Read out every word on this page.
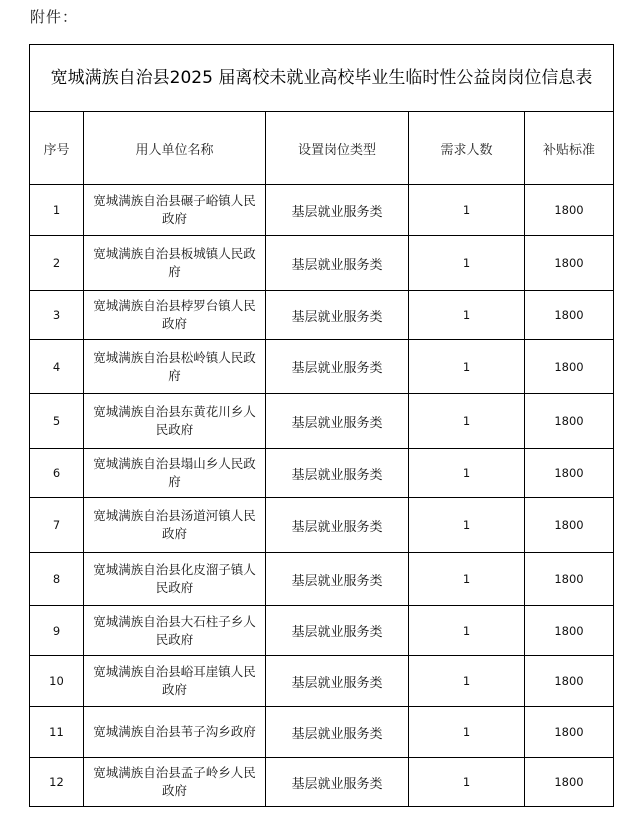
附件：
宽城满族自治县2025 届离校未就业高校毕业生临时性公益岗岗位信息表				
序号	用人单位名称	设置岗位类型	需求人数	补贴标准
1	宽城满族自治县碾子峪镇人民政府	基层就业服务类	1	1800
2	宽城满族自治县板城镇人民政府	基层就业服务类	1	1800
3	宽城满族自治县桲罗台镇人民政府	基层就业服务类	1	1800
4	宽城满族自治县松岭镇人民政府	基层就业服务类	1	1800
5	宽城满族自治县东黄花川乡人民政府	基层就业服务类	1	1800
6	宽城满族自治县塌山乡人民政府	基层就业服务类	1	1800
7	宽城满族自治县汤道河镇人民政府	基层就业服务类	1	1800
8	宽城满族自治县化皮溜子镇人民政府	基层就业服务类	1	1800
9	宽城满族自治县大石柱子乡人民政府	基层就业服务类	1	1800
10	宽城满族自治县峪耳崖镇人民政府	基层就业服务类	1	1800
11	宽城满族自治县苇子沟乡政府	基层就业服务类	1	1800
12	宽城满族自治县孟子岭乡人民政府	基层就业服务类	1	1800
